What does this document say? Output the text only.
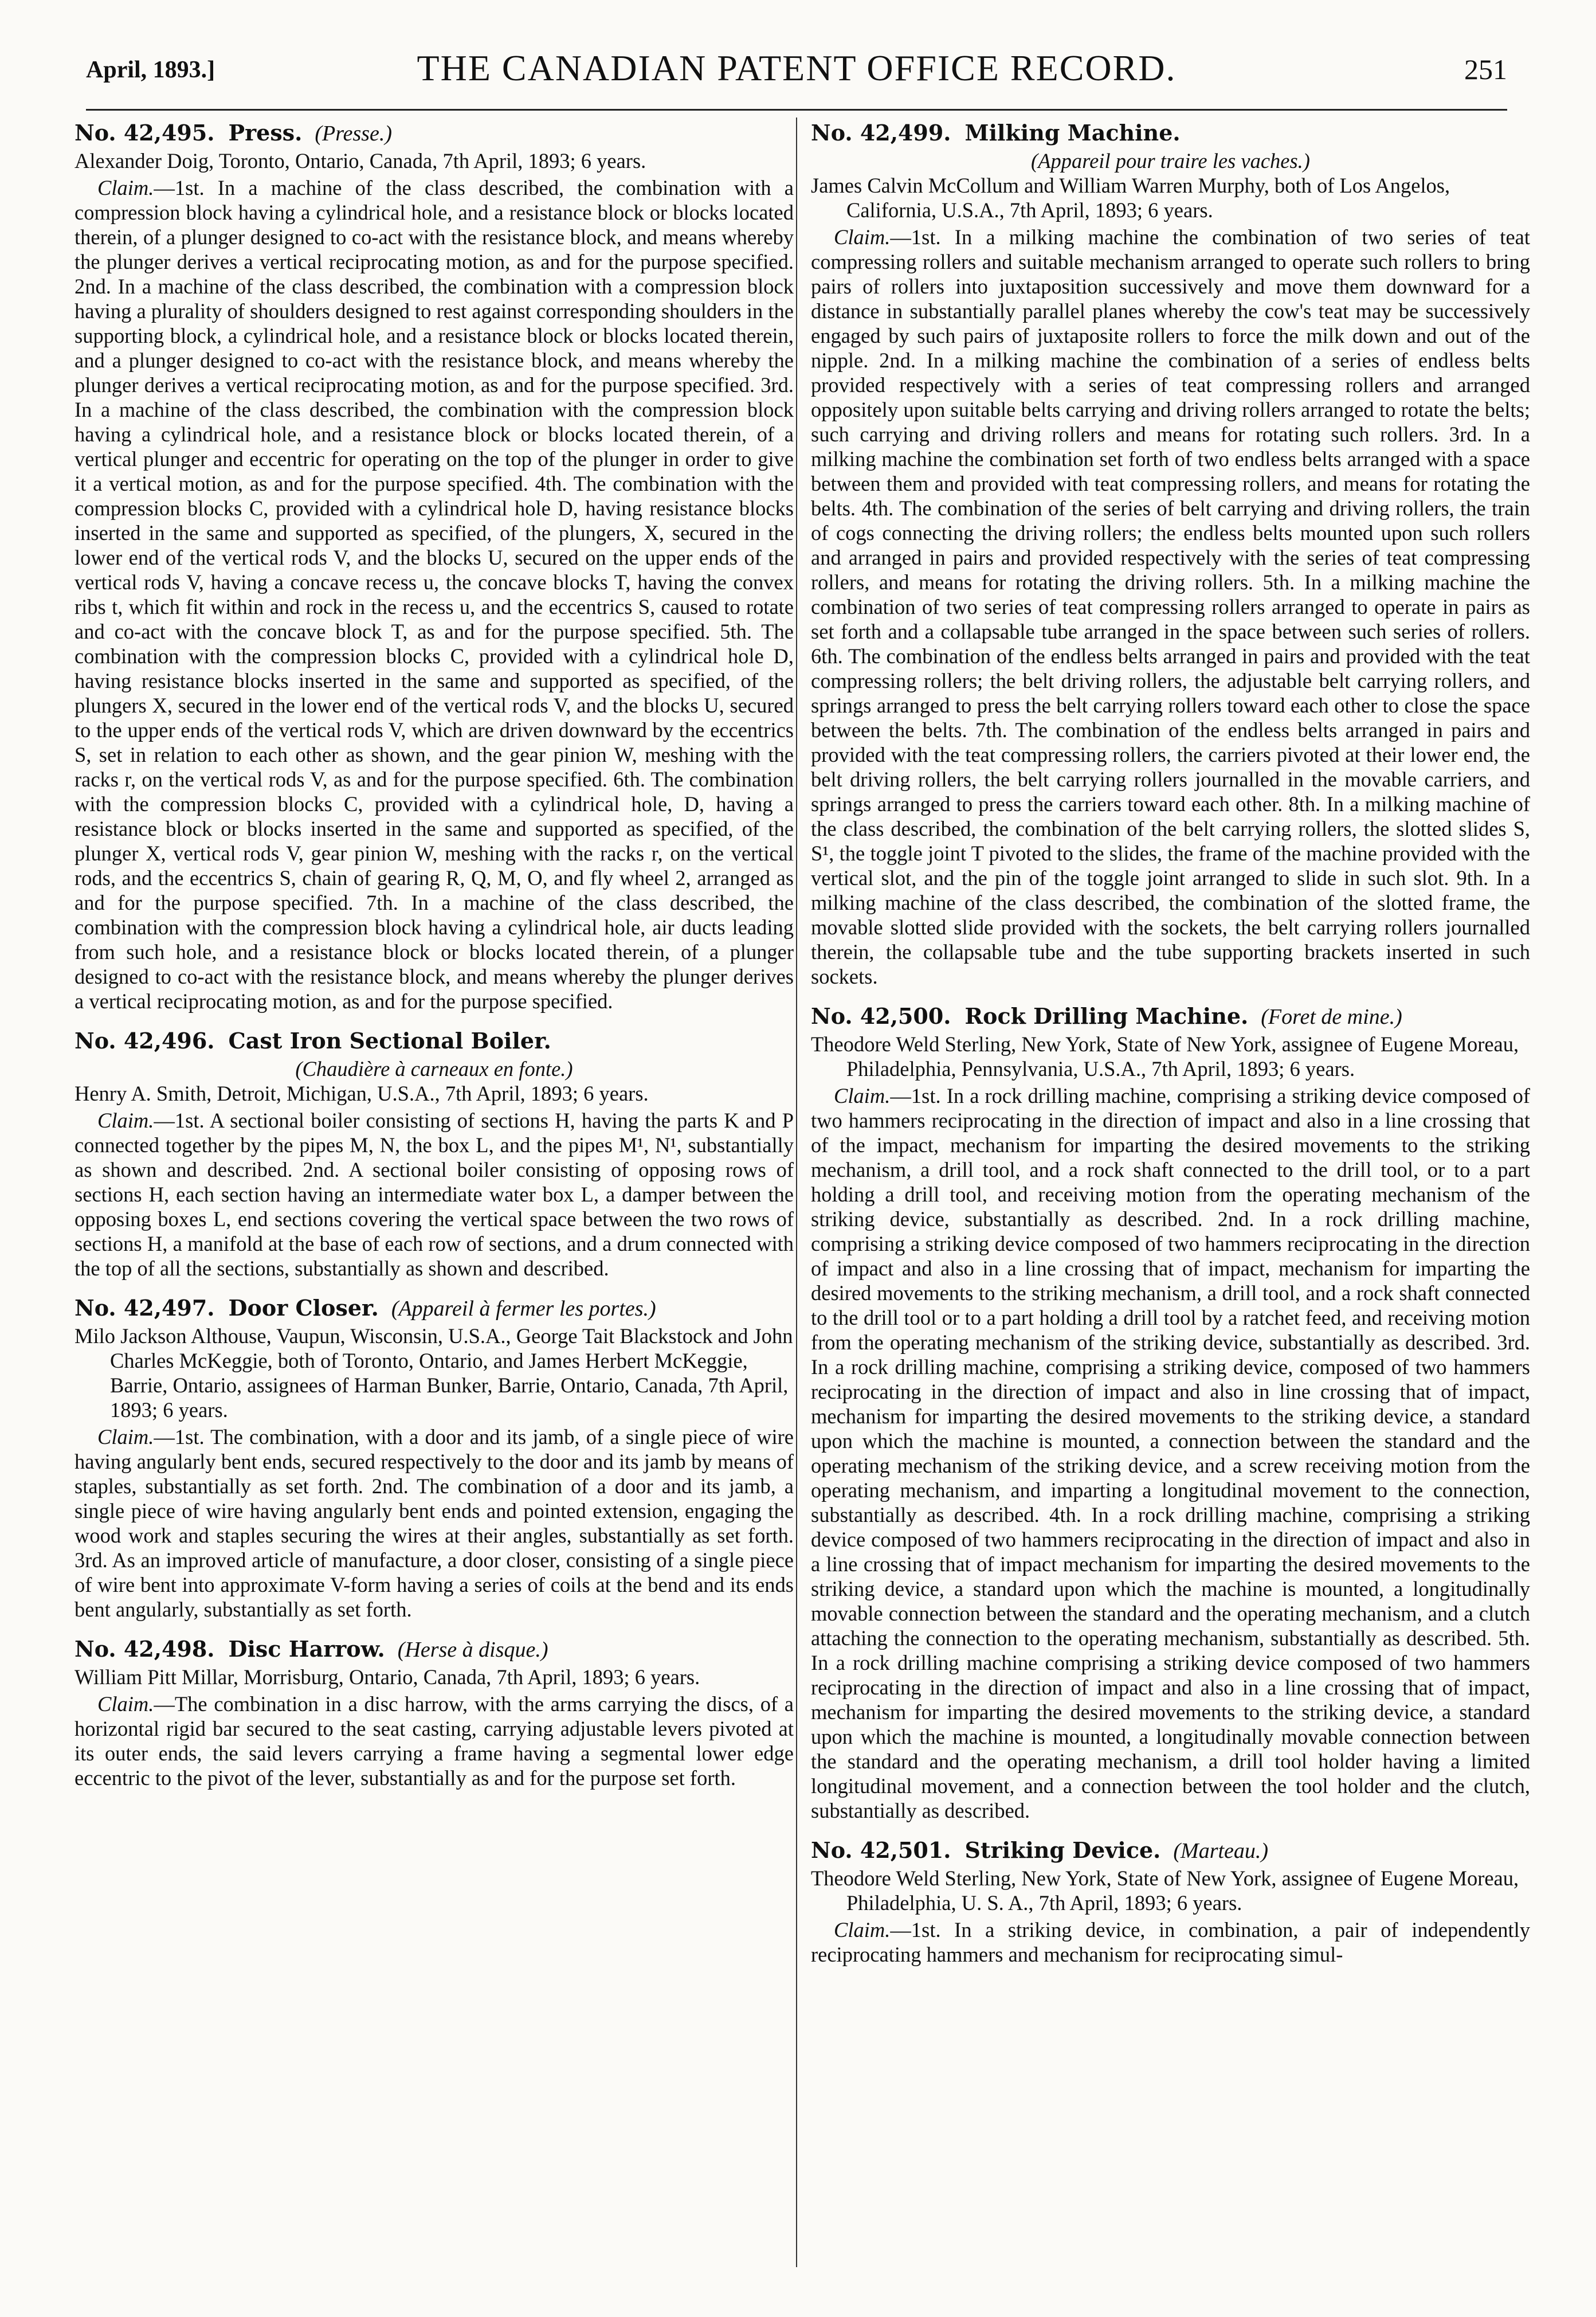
April, 1893.]	THE CANADIAN PATENT OFFICE RECORD.	251
No. 42,495. Press. (Presse.)
Alexander Doig, Toronto, Ontario, Canada, 7th April, 1893; 6 years.
Claim.—1st. In a machine of the class described, the combination with a compression block having a cylindrical hole, and a resistance block or blocks located therein, of a plunger designed to co-act with the resistance block, and means whereby the plunger derives a vertical reciprocating motion, as and for the purpose specified. 2nd. In a machine of the class described, the combination with a compression block having a plurality of shoulders designed to rest against corresponding shoulders in the supporting block, a cylindrical hole, and a resistance block or blocks located therein, and a plunger designed to co-act with the resistance block, and means whereby the plunger derives a vertical reciprocating motion, as and for the purpose specified. 3rd. In a machine of the class described, the combination with the compression block having a cylindrical hole, and a resistance block or blocks located therein, of a vertical plunger and eccentric for operating on the top of the plunger in order to give it a vertical motion, as and for the purpose specified. 4th. The combination with the compression blocks C, provided with a cylindrical hole D, having resistance blocks inserted in the same and supported as specified, of the plungers, X, secured in the lower end of the vertical rods V, and the blocks U, secured on the upper ends of the vertical rods V, having a concave recess u, the concave blocks T, having the convex ribs t, which fit within and rock in the recess u, and the eccentrics S, caused to rotate and co-act with the concave block T, as and for the purpose specified. 5th. The combination with the compression blocks C, provided with a cylindrical hole D, having resistance blocks inserted in the same and supported as specified, of the plungers X, secured in the lower end of the vertical rods V, and the blocks U, secured to the upper ends of the vertical rods V, which are driven downward by the eccentrics S, set in relation to each other as shown, and the gear pinion W, meshing with the racks r, on the vertical rods V, as and for the purpose specified. 6th. The combination with the compression blocks C, provided with a cylindrical hole, D, having a resistance block or blocks inserted in the same and supported as specified, of the plunger X, vertical rods V, gear pinion W, meshing with the racks r, on the vertical rods, and the eccentrics S, chain of gearing R, Q, M, O, and fly wheel 2, arranged as and for the purpose specified. 7th. In a machine of the class described, the combination with the compression block having a cylindrical hole, air ducts leading from such hole, and a resistance block or blocks located therein, of a plunger designed to co-act with the resistance block, and means whereby the plunger derives a vertical reciprocating motion, as and for the purpose specified.
No. 42,496. Cast Iron Sectional Boiler.
(Chaudière à carneaux en fonte.)
Henry A. Smith, Detroit, Michigan, U.S.A., 7th April, 1893; 6 years.
Claim.—1st. A sectional boiler consisting of sections H, having the parts K and P connected together by the pipes M, N, the box L, and the pipes M¹, N¹, substantially as shown and described. 2nd. A sectional boiler consisting of opposing rows of sections H, each section having an intermediate water box L, a damper between the opposing boxes L, end sections covering the vertical space between the two rows of sections H, a manifold at the base of each row of sections, and a drum connected with the top of all the sections, substantially as shown and described.
No. 42,497. Door Closer. (Appareil à fermer les portes.)
Milo Jackson Althouse, Vaupun, Wisconsin, U.S.A., George Tait Blackstock and John Charles McKeggie, both of Toronto, Ontario, and James Herbert McKeggie, Barrie, Ontario, assignees of Harman Bunker, Barrie, Ontario, Canada, 7th April, 1893; 6 years.
Claim.—1st. The combination, with a door and its jamb, of a single piece of wire having angularly bent ends, secured respectively to the door and its jamb by means of staples, substantially as set forth. 2nd. The combination of a door and its jamb, a single piece of wire having angularly bent ends and pointed extension, engaging the wood work and staples securing the wires at their angles, substantially as set forth. 3rd. As an improved article of manufacture, a door closer, consisting of a single piece of wire bent into approximate V-form having a series of coils at the bend and its ends bent angularly, substantially as set forth.
No. 42,498. Disc Harrow. (Herse à disque.)
William Pitt Millar, Morrisburg, Ontario, Canada, 7th April, 1893; 6 years.
Claim.—The combination in a disc harrow, with the arms carrying the discs, of a horizontal rigid bar secured to the seat casting, carrying adjustable levers pivoted at its outer ends, the said levers carrying a frame having a segmental lower edge eccentric to the pivot of the lever, substantially as and for the purpose set forth.
No. 42,499. Milking Machine.
(Appareil pour traire les vaches.)
James Calvin McCollum and William Warren Murphy, both of Los Angelos, California, U.S.A., 7th April, 1893; 6 years.
Claim.—1st. In a milking machine the combination of two series of teat compressing rollers and suitable mechanism arranged to operate such rollers to bring pairs of rollers into juxtaposition successively and move them downward for a distance in substantially parallel planes whereby the cow's teat may be successively engaged by such pairs of juxtaposite rollers to force the milk down and out of the nipple. 2nd. In a milking machine the combination of a series of endless belts provided respectively with a series of teat compressing rollers and arranged oppositely upon suitable belts carrying and driving rollers arranged to rotate the belts; such carrying and driving rollers and means for rotating such rollers. 3rd. In a milking machine the combination set forth of two endless belts arranged with a space between them and provided with teat compressing rollers, and means for rotating the belts. 4th. The combination of the series of belt carrying and driving rollers, the train of cogs connecting the driving rollers; the endless belts mounted upon such rollers and arranged in pairs and provided respectively with the series of teat compressing rollers, and means for rotating the driving rollers. 5th. In a milking machine the combination of two series of teat compressing rollers arranged to operate in pairs as set forth and a collapsable tube arranged in the space between such series of rollers. 6th. The combination of the endless belts arranged in pairs and provided with the teat compressing rollers; the belt driving rollers, the adjustable belt carrying rollers, and springs arranged to press the belt carrying rollers toward each other to close the space between the belts. 7th. The combination of the endless belts arranged in pairs and provided with the teat compressing rollers, the carriers pivoted at their lower end, the belt driving rollers, the belt carrying rollers journalled in the movable carriers, and springs arranged to press the carriers toward each other. 8th. In a milking machine of the class described, the combination of the belt carrying rollers, the slotted slides S, S¹, the toggle joint T pivoted to the slides, the frame of the machine provided with the vertical slot, and the pin of the toggle joint arranged to slide in such slot. 9th. In a milking machine of the class described, the combination of the slotted frame, the movable slotted slide provided with the sockets, the belt carrying rollers journalled therein, the collapsable tube and the tube supporting brackets inserted in such sockets.
No. 42,500. Rock Drilling Machine. (Foret de mine.)
Theodore Weld Sterling, New York, State of New York, assignee of Eugene Moreau, Philadelphia, Pennsylvania, U.S.A., 7th April, 1893; 6 years.
Claim.—1st. In a rock drilling machine, comprising a striking device composed of two hammers reciprocating in the direction of impact and also in a line crossing that of the impact, mechanism for imparting the desired movements to the striking mechanism, a drill tool, and a rock shaft connected to the drill tool, or to a part holding a drill tool, and receiving motion from the operating mechanism of the striking device, substantially as described. 2nd. In a rock drilling machine, comprising a striking device composed of two hammers reciprocating in the direction of impact and also in a line crossing that of impact, mechanism for imparting the desired movements to the striking mechanism, a drill tool, and a rock shaft connected to the drill tool or to a part holding a drill tool by a ratchet feed, and receiving motion from the operating mechanism of the striking device, substantially as described. 3rd. In a rock drilling machine, comprising a striking device, composed of two hammers reciprocating in the direction of impact and also in line crossing that of impact, mechanism for imparting the desired movements to the striking device, a standard upon which the machine is mounted, a connection between the standard and the operating mechanism of the striking device, and a screw receiving motion from the operating mechanism, and imparting a longitudinal movement to the connection, substantially as described. 4th. In a rock drilling machine, comprising a striking device composed of two hammers reciprocating in the direction of impact and also in a line crossing that of impact mechanism for imparting the desired movements to the striking device, a standard upon which the machine is mounted, a longitudinally movable connection between the standard and the operating mechanism, and a clutch attaching the connection to the operating mechanism, substantially as described. 5th. In a rock drilling machine comprising a striking device composed of two hammers reciprocating in the direction of impact and also in a line crossing that of impact, mechanism for imparting the desired movements to the striking device, a standard upon which the machine is mounted, a longitudinally movable connection between the standard and the operating mechanism, a drill tool holder having a limited longitudinal movement, and a connection between the tool holder and the clutch, substantially as described.
No. 42,501. Striking Device. (Marteau.)
Theodore Weld Sterling, New York, State of New York, assignee of Eugene Moreau, Philadelphia, U. S. A., 7th April, 1893; 6 years.
Claim.—1st. In a striking device, in combination, a pair of independently reciprocating hammers and mechanism for reciprocating simul-
